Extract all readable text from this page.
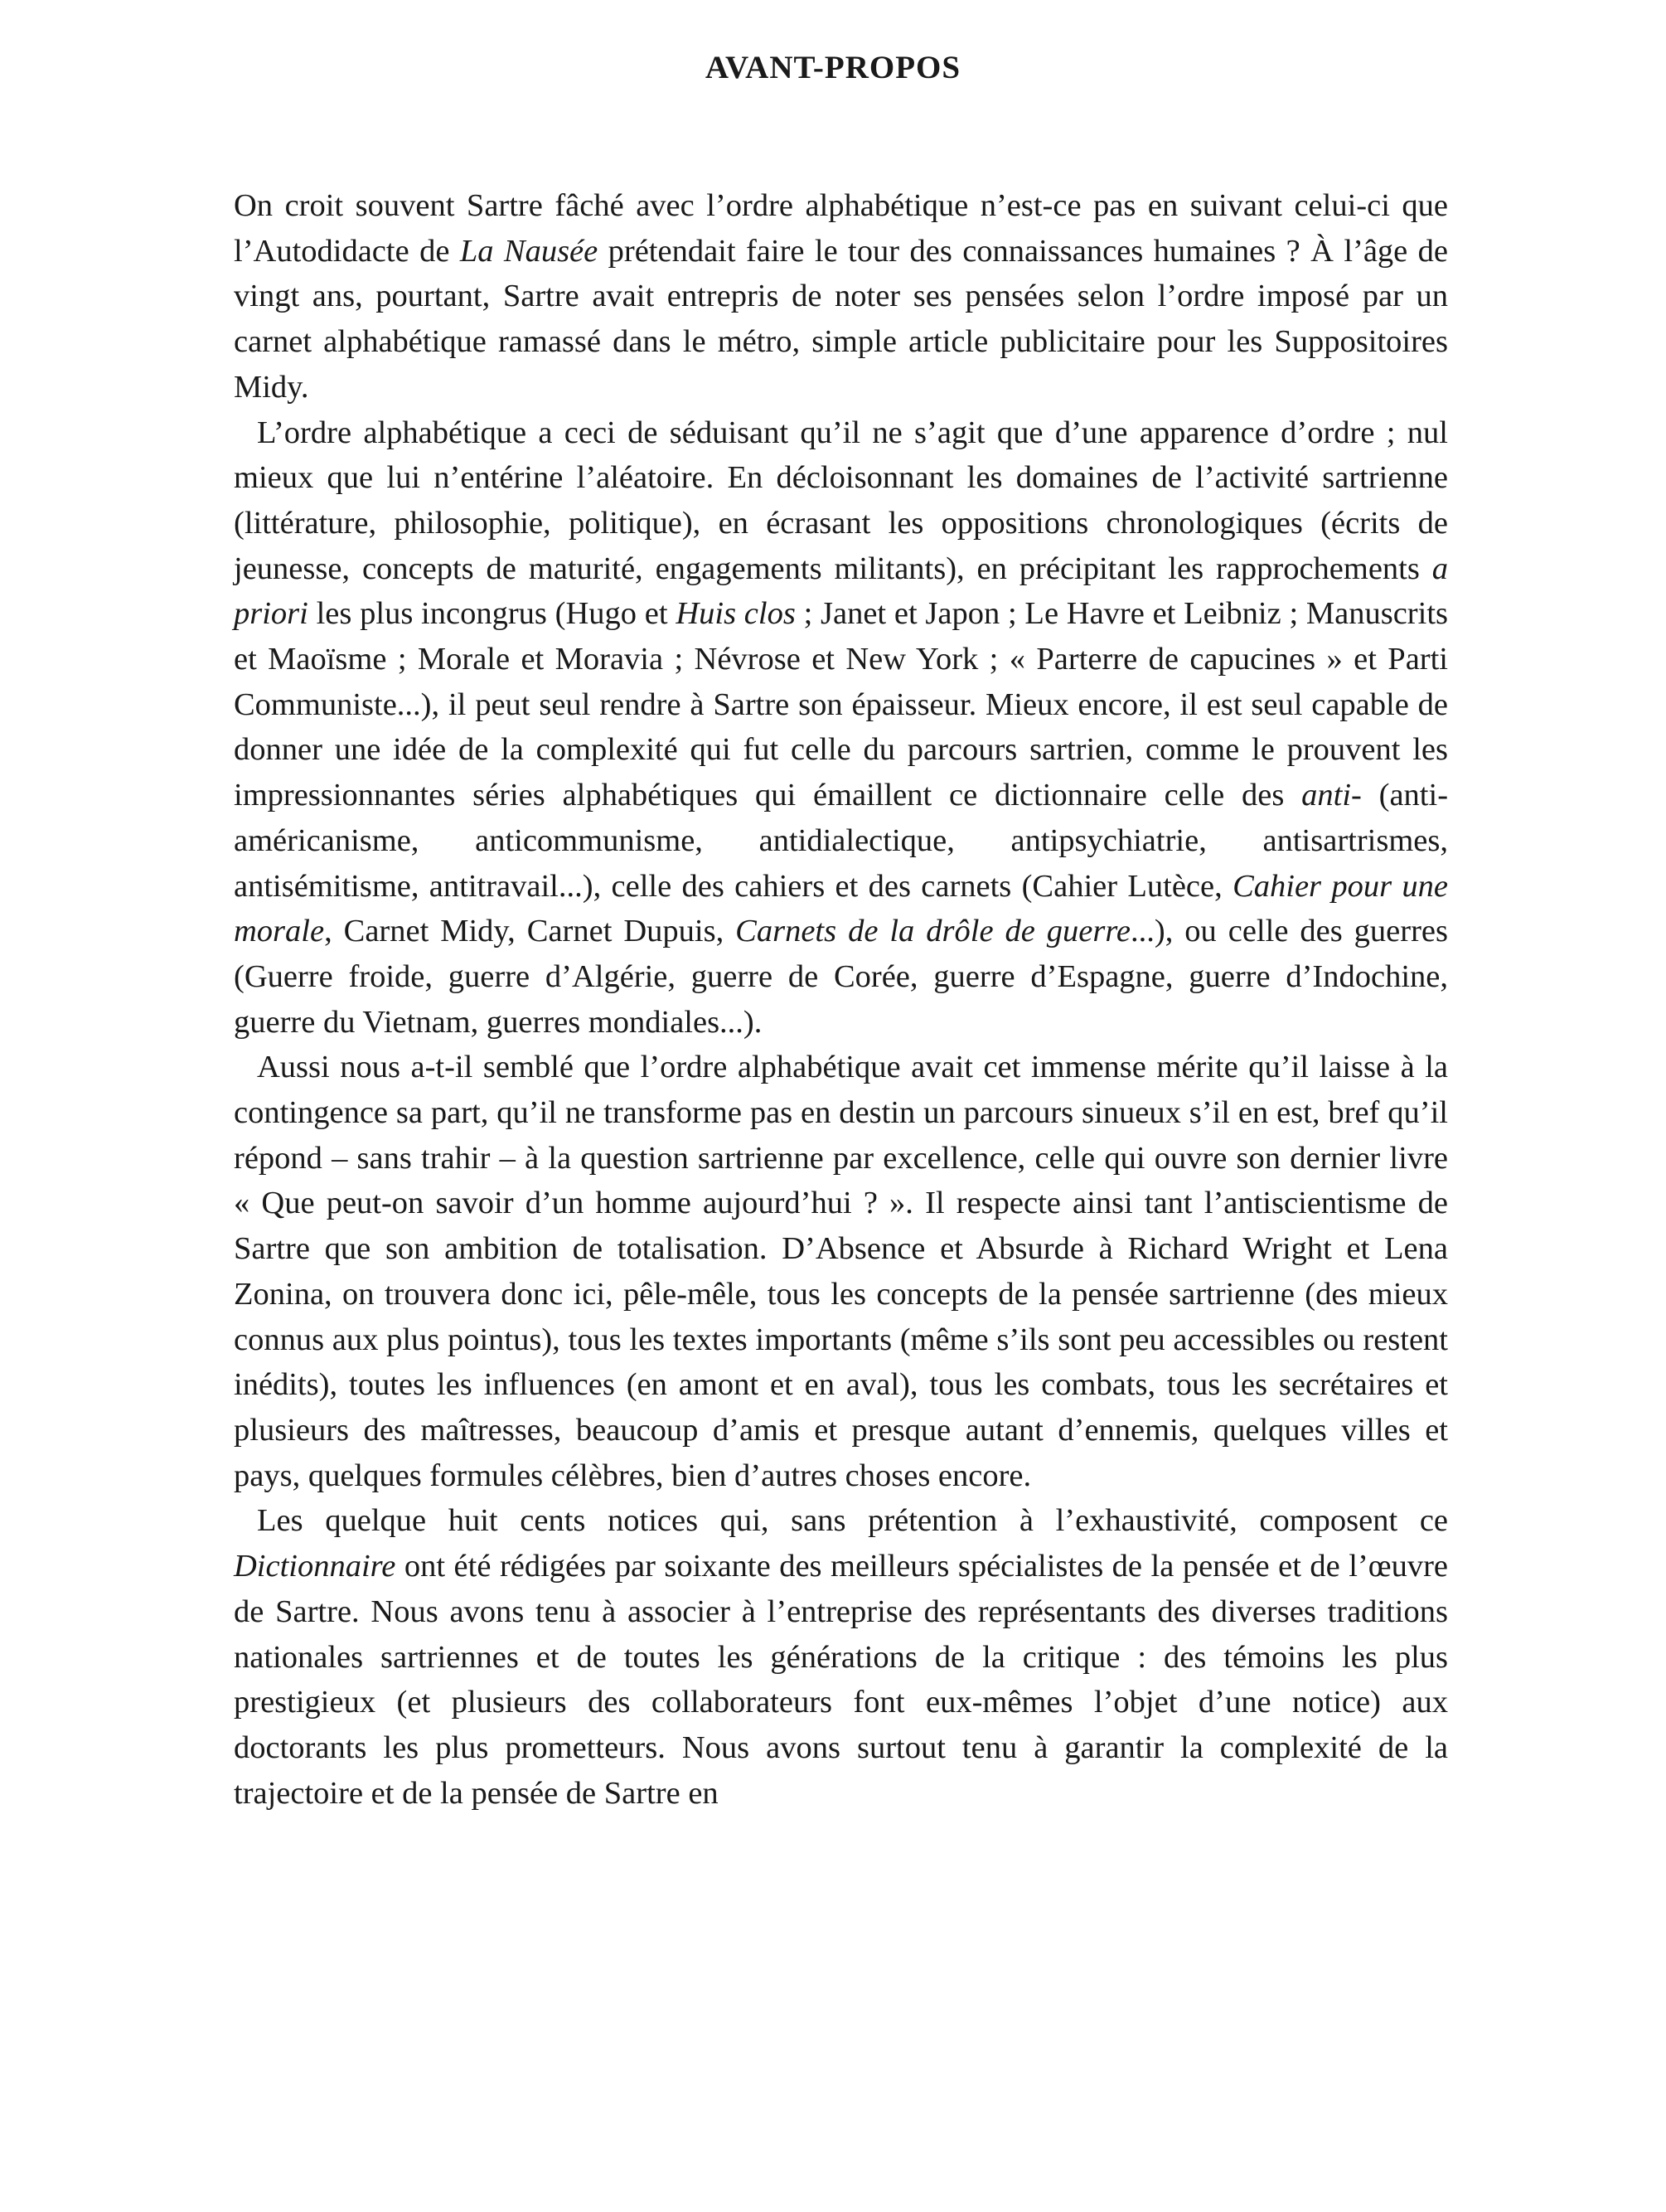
AVANT-PROPOS

On croit souvent Sartre fâché avec l’ordre alphabétique n’est-ce pas en suivant celui-ci que l’Autodidacte de La Nausée prétendait faire le tour des connaissances humaines ? À l’âge de vingt ans, pourtant, Sartre avait entrepris de noter ses pensées selon l’ordre imposé par un carnet alphabétique ramassé dans le métro, simple article publicitaire pour les Suppositoires Midy.

L’ordre alphabétique a ceci de séduisant qu’il ne s’agit que d’une apparence d’ordre ; nul mieux que lui n’entérine l’aléatoire. En décloisonnant les domaines de l’activité sartrienne (littérature, philosophie, politique), en écrasant les oppositions chronologiques (écrits de jeunesse, concepts de maturité, engagements militants), en précipitant les rapprochements a priori les plus incongrus (Hugo et Huis clos ; Janet et Japon ; Le Havre et Leibniz ; Manuscrits et Maoïsme ; Morale et Moravia ; Névrose et New York ; « Parterre de capucines » et Parti Communiste...), il peut seul rendre à Sartre son épaisseur. Mieux encore, il est seul capable de donner une idée de la complexité qui fut celle du parcours sartrien, comme le prouvent les impressionnantes séries alphabétiques qui émaillent ce dictionnaire celle des anti- (anti-américanisme, anticommunisme, antidialectique, antipsychiatrie, antisartrismes, antisémitisme, antitravail...), celle des cahiers et des carnets (Cahier Lutèce, Cahier pour une morale, Carnet Midy, Carnet Dupuis, Carnets de la drôle de guerre...), ou celle des guerres (Guerre froide, guerre d’Algérie, guerre de Corée, guerre d’Espagne, guerre d’Indochine, guerre du Vietnam, guerres mondiales...).

Aussi nous a-t-il semblé que l’ordre alphabétique avait cet immense mérite qu’il laisse à la contingence sa part, qu’il ne transforme pas en destin un parcours sinueux s’il en est, bref qu’il répond – sans trahir – à la question sartrienne par excellence, celle qui ouvre son dernier livre « Que peut-on savoir d’un homme aujourd’hui ? ». Il respecte ainsi tant l’antiscientisme de Sartre que son ambition de totalisation. D’Absence et Absurde à Richard Wright et Lena Zonina, on trouvera donc ici, pêle-mêle, tous les concepts de la pensée sartrienne (des mieux connus aux plus pointus), tous les textes importants (même s’ils sont peu accessibles ou restent inédits), toutes les influences (en amont et en aval), tous les combats, tous les secrétaires et plusieurs des maîtresses, beaucoup d’amis et presque autant d’ennemis, quelques villes et pays, quelques formules célèbres, bien d’autres choses encore.

Les quelque huit cents notices qui, sans prétention à l’exhaustivité, composent ce Dictionnaire ont été rédigées par soixante des meilleurs spécialistes de la pensée et de l’œuvre de Sartre. Nous avons tenu à associer à l’entreprise des représentants des diverses traditions nationales sartriennes et de toutes les générations de la critique : des témoins les plus prestigieux (et plusieurs des collaborateurs font eux-mêmes l’objet d’une notice) aux doctorants les plus prometteurs. Nous avons surtout tenu à garantir la complexité de la trajectoire et de la pensée de Sartre en
